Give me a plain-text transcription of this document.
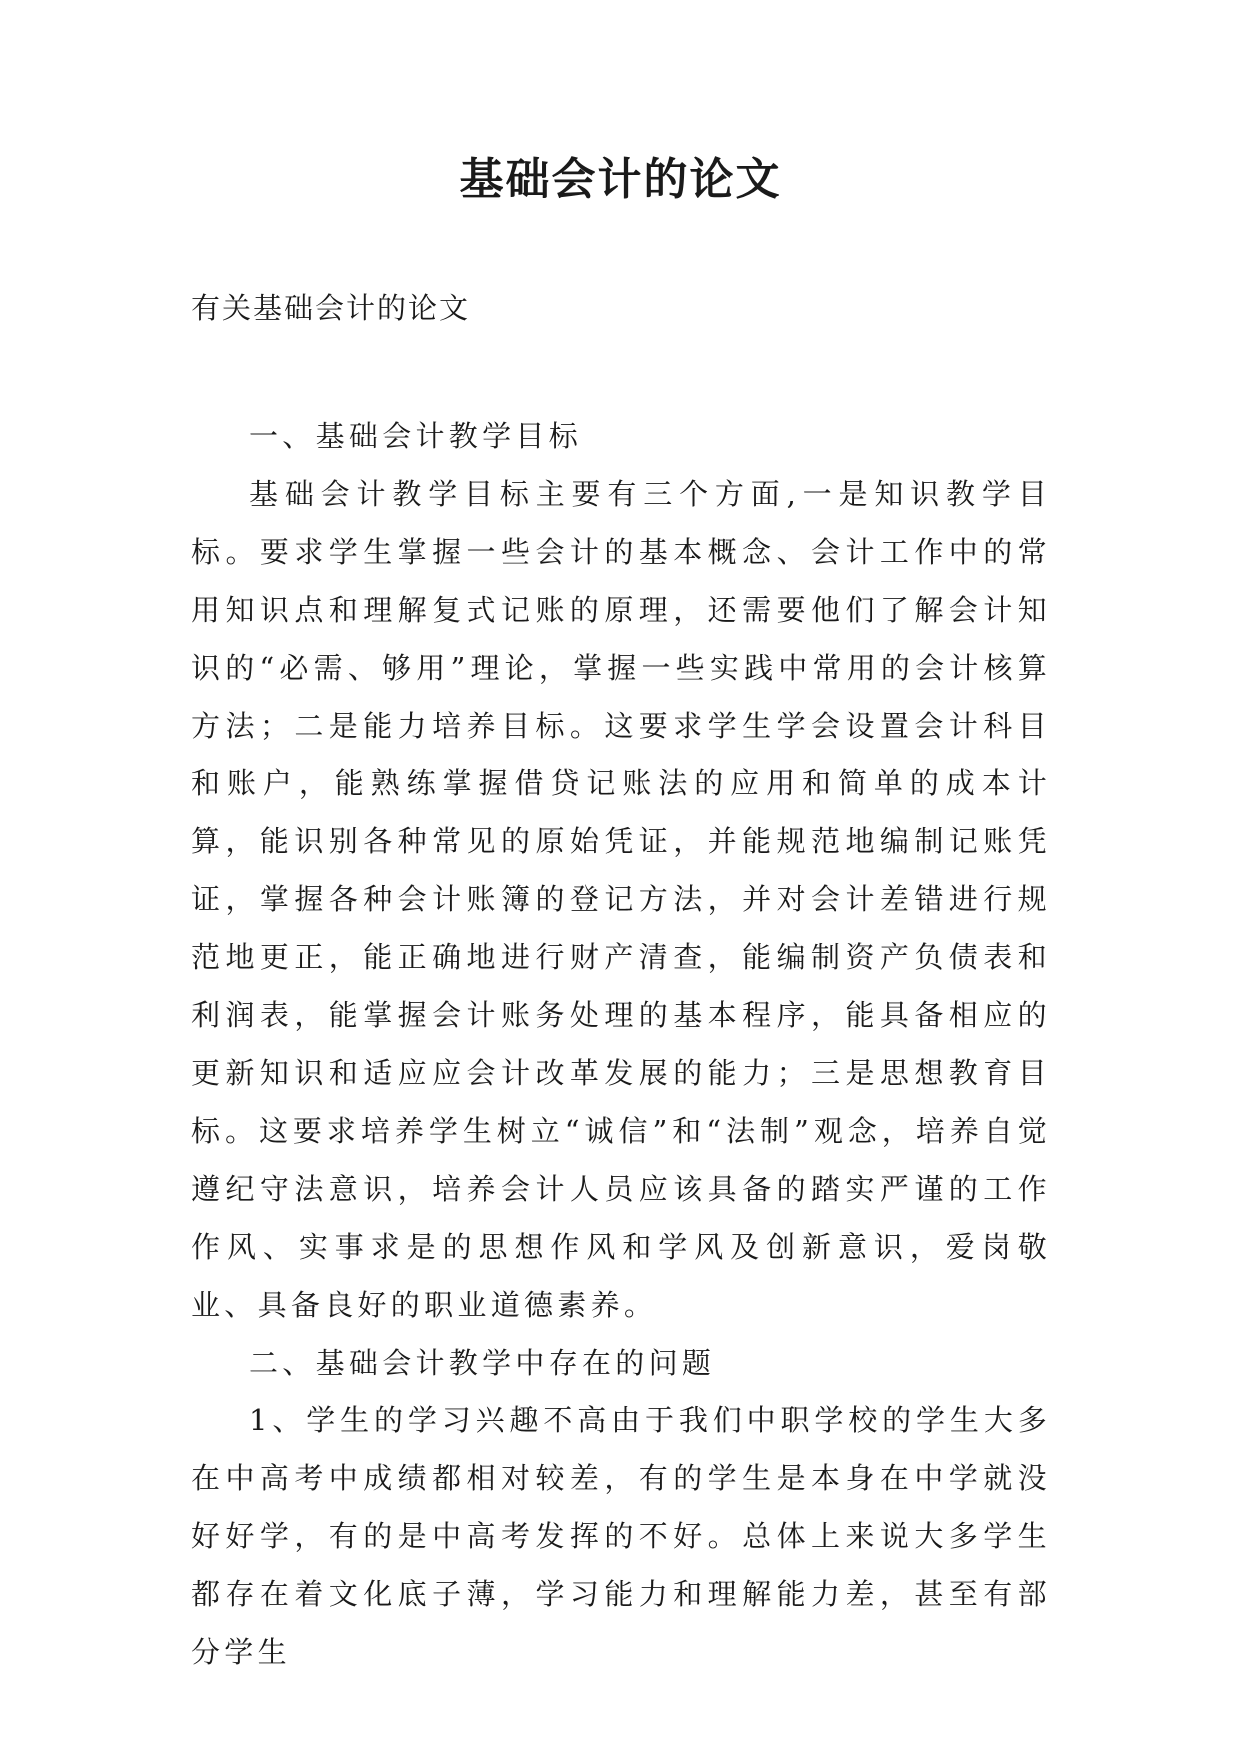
基础会计的论文

有关基础会计的论文

一、基础会计教学目标

基础会计教学目标主要有三个方面,一是知识教学目标。要求学生掌握一些会计的基本概念、会计工作中的常用知识点和理解复式记账的原理，还需要他们了解会计知识的“必需、够用”理论，掌握一些实践中常用的会计核算方法；二是能力培养目标。这要求学生学会设置会计科目和账户，能熟练掌握借贷记账法的应用和简单的成本计算，能识别各种常见的原始凭证，并能规范地编制记账凭证，掌握各种会计账簿的登记方法，并对会计差错进行规范地更正，能正确地进行财产清查，能编制资产负债表和利润表，能掌握会计账务处理的基本程序，能具备相应的更新知识和适应应会计改革发展的能力；三是思想教育目标。这要求培养学生树立“诚信”和“法制”观念，培养自觉遵纪守法意识，培养会计人员应该具备的踏实严谨的工作作风、实事求是的思想作风和学风及创新意识，爱岗敬业、具备良好的职业道德素养。

二、基础会计教学中存在的问题

1、学生的学习兴趣不高由于我们中职学校的学生大多在中高考中成绩都相对较差，有的学生是本身在中学就没好好学，有的是中高考发挥的不好。总体上来说大多学生都存在着文化底子薄，学习能力和理解能力差，甚至有部分学生
